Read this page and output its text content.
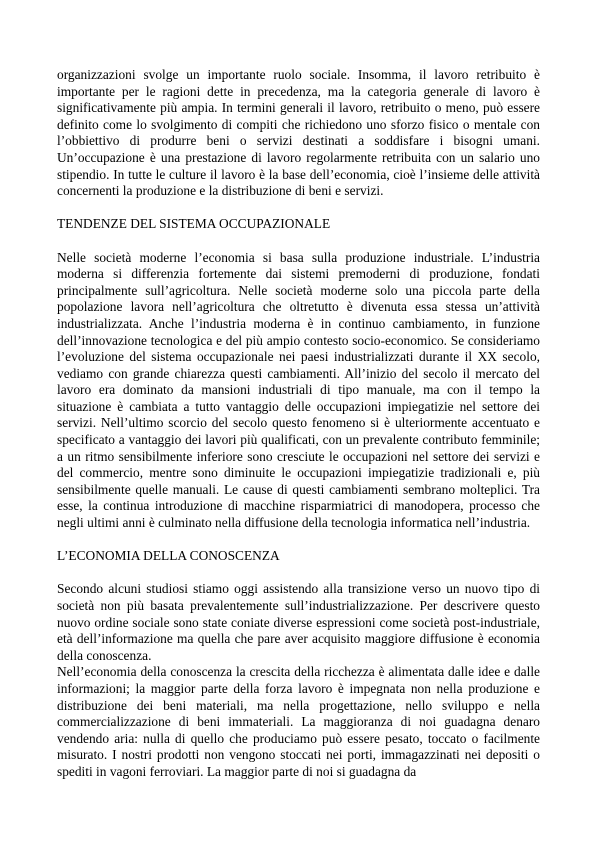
organizzazioni svolge un importante ruolo sociale. Insomma, il lavoro retribuito è importante per le ragioni dette in precedenza, ma la categoria generale di lavoro è significativamente più ampia. In termini generali il lavoro, retribuito o meno, può essere definito come lo svolgimento di compiti che richiedono uno sforzo fisico o mentale con l’obbiettivo di produrre beni o servizi destinati a soddisfare i bisogni umani. Un’occupazione è una prestazione di lavoro regolarmente retribuita con un salario uno stipendio. In tutte le culture il lavoro è la base dell’economia, cioè l’insieme delle attività concernenti la produzione e la distribuzione di beni e servizi.

TENDENZE DEL SISTEMA OCCUPAZIONALE

Nelle società moderne l’economia si basa sulla produzione industriale. L’industria moderna si differenzia fortemente dai sistemi premoderni di produzione, fondati principalmente sull’agricoltura. Nelle società moderne solo una piccola parte della popolazione lavora nell’agricoltura che oltretutto è divenuta essa stessa un’attività industrializzata. Anche l’industria moderna è in continuo cambiamento, in funzione dell’innovazione tecnologica e del più ampio contesto socio-economico. Se consideriamo l’evoluzione del sistema occupazionale nei paesi industrializzati durante il XX secolo, vediamo con grande chiarezza questi cambiamenti. All’inizio del secolo il mercato del lavoro era dominato da mansioni industriali di tipo manuale, ma con il tempo la situazione è cambiata a tutto vantaggio delle occupazioni impiegatizie nel settore dei servizi. Nell’ultimo scorcio del secolo questo fenomeno si è ulteriormente accentuato e specificato a vantaggio dei lavori più qualificati, con un prevalente contributo femminile; a un ritmo sensibilmente inferiore sono cresciute le occupazioni nel settore dei servizi e del commercio, mentre sono diminuite le occupazioni impiegatizie tradizionali e, più sensibilmente quelle manuali. Le cause di questi cambiamenti sembrano molteplici. Tra esse, la continua introduzione di macchine risparmiatrici di manodopera, processo che negli ultimi anni è culminato nella diffusione della tecnologia informatica nell’industria.

L’ECONOMIA DELLA CONOSCENZA

Secondo alcuni studiosi stiamo oggi assistendo alla transizione verso un nuovo tipo di società non più basata prevalentemente sull’industrializzazione. Per descrivere questo nuovo ordine sociale sono state coniate diverse espressioni come società post-industriale, età dell’informazione ma quella che pare aver acquisito maggiore diffusione è economia della conoscenza.

Nell’economia della conoscenza la crescita della ricchezza è alimentata dalle idee e dalle informazioni; la maggior parte della forza lavoro è impegnata non nella produzione e distribuzione dei beni materiali, ma nella progettazione, nello sviluppo e nella commercializzazione di beni immateriali. La maggioranza di noi guadagna denaro vendendo aria: nulla di quello che produciamo può essere pesato, toccato o facilmente misurato. I nostri prodotti non vengono stoccati nei porti, immagazzinati nei depositi o spediti in vagoni ferroviari. La maggior parte di noi si guadagna da
